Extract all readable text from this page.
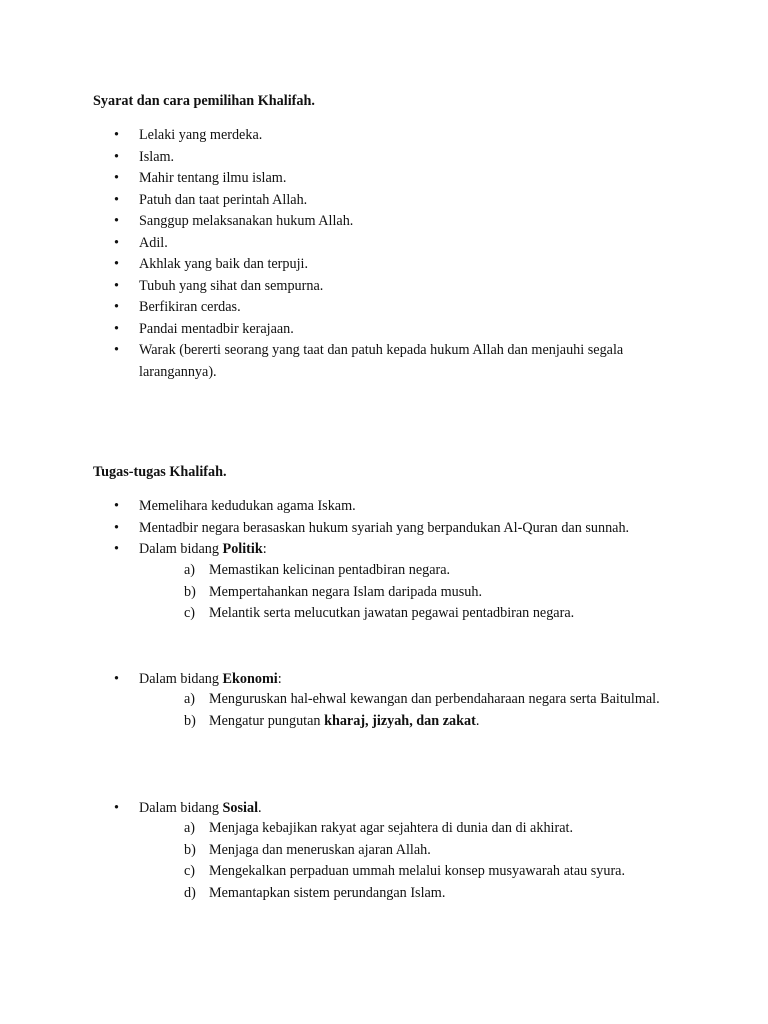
Syarat dan cara pemilihan Khalifah.
• Lelaki yang merdeka.
• Islam.
• Mahir tentang ilmu islam.
• Patuh dan taat perintah Allah.
• Sanggup melaksanakan hukum Allah.
• Adil.
• Akhlak yang baik dan terpuji.
• Tubuh yang sihat dan sempurna.
• Berfikiran cerdas.
• Pandai mentadbir kerajaan.
• Warak (bererti seorang yang taat dan patuh kepada hukum Allah dan menjauhi segala larangannya).
Tugas-tugas Khalifah.
• Memelihara kedudukan agama Iskam.
• Mentadbir negara berasaskan hukum syariah yang berpandukan Al-Quran dan sunnah.
• Dalam bidang Politik:
a) Memastikan kelicinan pentadbiran negara.
b) Mempertahankan negara Islam daripada musuh.
c) Melantik serta melucutkan jawatan pegawai pentadbiran negara.
• Dalam bidang Ekonomi:
a) Menguruskan hal-ehwal kewangan dan perbendaharaan negara serta Baitulmal.
b) Mengatur pungutan kharaj, jizyah, dan zakat.
• Dalam bidang Sosial.
a) Menjaga kebajikan rakyat agar sejahtera di dunia dan di akhirat.
b) Menjaga dan meneruskan ajaran Allah.
c) Mengekalkan perpaduan ummah melalui konsep musyawarah atau syura.
d) Memantapkan sistem perundangan Islam.
